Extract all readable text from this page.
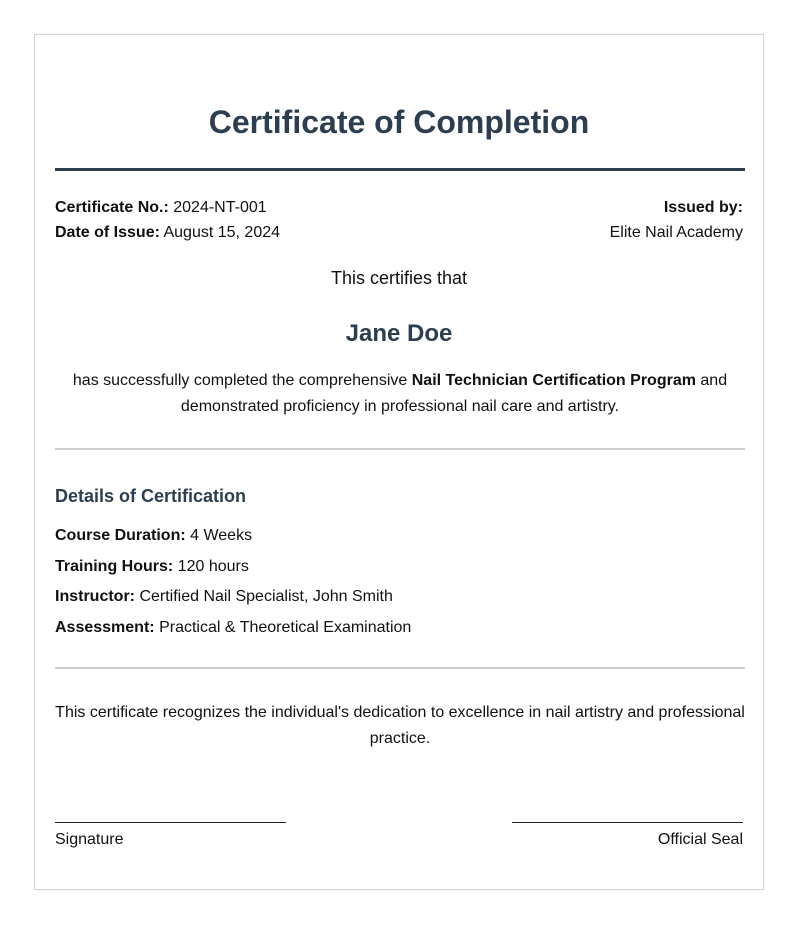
Certificate of Completion
Certificate No.: 2024-NT-001
Date of Issue: August 15, 2024
Issued by:
Elite Nail Academy
This certifies that
Jane Doe
has successfully completed the comprehensive Nail Technician Certification Program and demonstrated proficiency in professional nail care and artistry.
Details of Certification
Course Duration: 4 Weeks
Training Hours: 120 hours
Instructor: Certified Nail Specialist, John Smith
Assessment: Practical & Theoretical Examination
This certificate recognizes the individual's dedication to excellence in nail artistry and professional practice.
Signature	Official Seal
